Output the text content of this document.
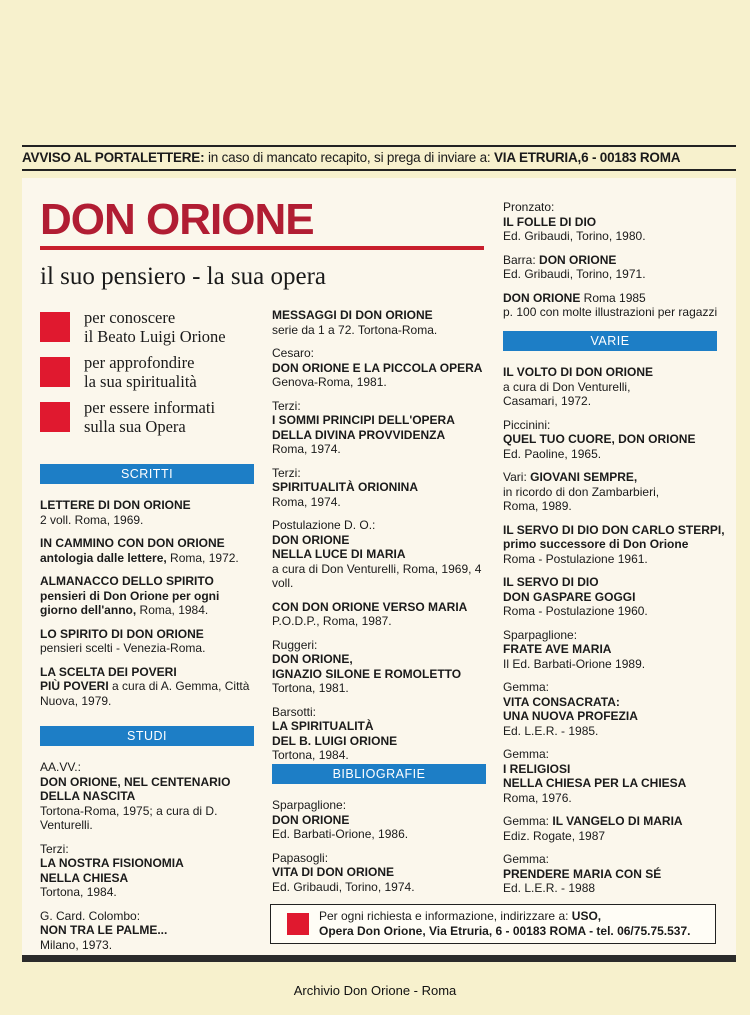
AVVISO AL PORTALETTERE: in caso di mancato recapito, si prega di inviare a: VIA ETRURIA,6 - 00183 ROMA
DON ORIONE
il suo pensiero - la sua opera
per conoscere
il Beato Luigi Orione
per approfondire
la sua spiritualità
per essere informati
sulla sua Opera
SCRITTI
LETTERE DI DON ORIONE
2 voll. Roma, 1969.
IN CAMMINO CON DON ORIONE
antologia dalle lettere, Roma, 1972.
ALMANACCO DELLO SPIRITO
pensieri di Don Orione per ogni
giorno dell'anno, Roma, 1984.
LO SPIRITO DI DON ORIONE
pensieri scelti - Venezia-Roma.
LA SCELTA DEI POVERI
PIÙ POVERI a cura di A. Gemma, Città
Nuova, 1979.
STUDI
AA.VV.:
DON ORIONE, NEL CENTENARIO
DELLA NASCITA
Tortona-Roma, 1975; a cura di D.
Venturelli.
Terzi:
LA NOSTRA FISIONOMIA
NELLA CHIESA
Tortona, 1984.
G. Card. Colombo:
NON TRA LE PALME...
Milano, 1973.
MESSAGGI DI DON ORIONE
serie da 1 a 72. Tortona-Roma.
Cesaro:
DON ORIONE E LA PICCOLA OPERA
Genova-Roma, 1981.
Terzi:
I SOMMI PRINCIPI DELL'OPERA
DELLA DIVINA PROVVIDENZA
Roma, 1974.
Terzi:
SPIRITUALITÀ ORIONINA
Roma, 1974.
Postulazione D. O.:
DON ORIONE
NELLA LUCE DI MARIA
a cura di Don Venturelli, Roma, 1969, 4
voll.
CON DON ORIONE VERSO MARIA
P.O.D.P., Roma, 1987.
Ruggeri:
DON ORIONE,
IGNAZIO SILONE E ROMOLETTO
Tortona, 1981.
Barsotti:
LA SPIRITUALITÀ
DEL B. LUIGI ORIONE
Tortona, 1984.
BIBLIOGRAFIE
Sparpaglione:
DON ORIONE
Ed. Barbati-Orione, 1986.
Papasogli:
VITA DI DON ORIONE
Ed. Gribaudi, Torino, 1974.
Pronzato:
IL FOLLE DI DIO
Ed. Gribaudi, Torino, 1980.
Barra: DON ORIONE
Ed. Gribaudi, Torino, 1971.
DON ORIONE Roma 1985
p. 100 con molte illustrazioni per ragazzi
VARIE
IL VOLTO DI DON ORIONE
a cura di Don Venturelli,
Casamari, 1972.
Piccinini:
QUEL TUO CUORE, DON ORIONE
Ed. Paoline, 1965.
Vari: GIOVANI SEMPRE,
in ricordo di don Zambarbieri,
Roma, 1989.
IL SERVO DI DIO DON CARLO STERPI,
primo successore di Don Orione
Roma - Postulazione 1961.
IL SERVO DI DIO
DON GASPARE GOGGI
Roma - Postulazione 1960.
Sparpaglione:
FRATE AVE MARIA
Il Ed. Barbati-Orione 1989.
Gemma:
VITA CONSACRATA:
UNA NUOVA PROFEZIA
Ed. L.E.R. - 1985.
Gemma:
I RELIGIOSI
NELLA CHIESA PER LA CHIESA
Roma, 1976.
Gemma: IL VANGELO DI MARIA
Ediz. Rogate, 1987
Gemma:
PRENDERE MARIA CON SÉ
Ed. L.E.R. - 1988
Per ogni richiesta e informazione, indirizzare a: USO,
Opera Don Orione, Via Etruria, 6 - 00183 ROMA - tel. 06/75.75.537.
Archivio Don Orione - Roma
